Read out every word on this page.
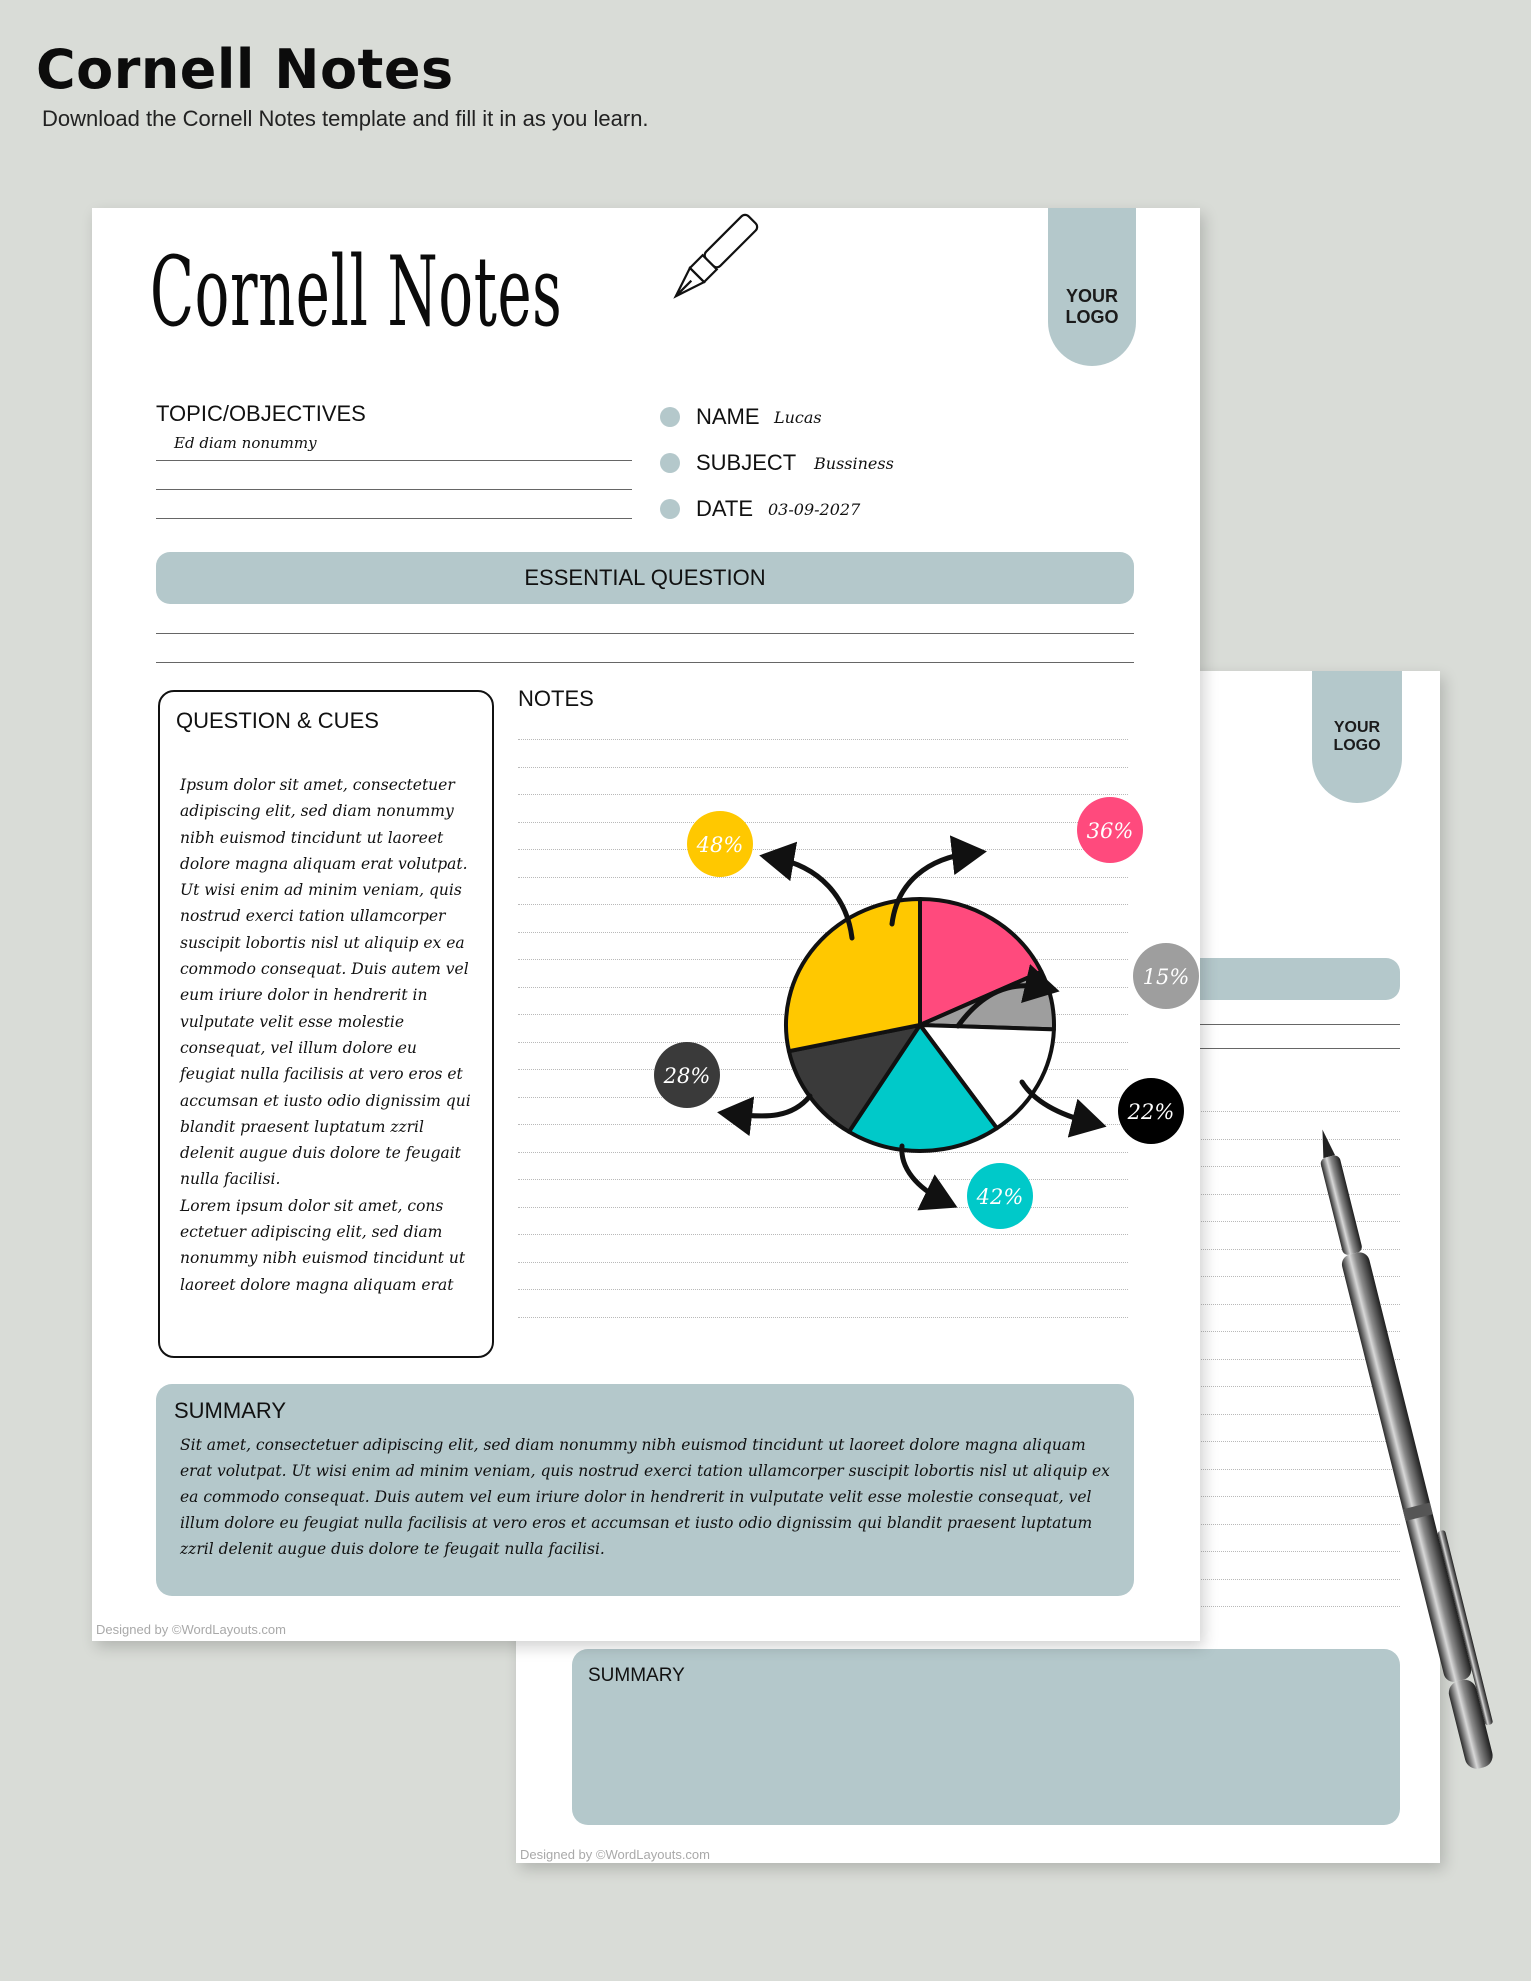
Cornell Notes
Download the Cornell Notes template and fill it in as you learn.
YOUR LOGO
SUMMARY
Designed by ©WordLayouts.com
Cornell Notes	YOUR LOGO
TOPIC/OBJECTIVES
Ed diam nonummy
NAME Lucas
SUBJECT Bussiness
DATE 03-09-2027
ESSENTIAL QUESTION
QUESTION & CUES
Ipsum dolor sit amet, consectetuer adipiscing elit, sed diam nonummy nibh euismod tincidunt ut laoreet dolore magna aliquam erat volutpat. Ut wisi enim ad minim veniam, quis nostrud exerci tation ullamcorper suscipit lobortis nisl ut aliquip ex ea commodo consequat. Duis autem vel eum iriure dolor in hendrerit in vulputate velit esse molestie consequat, vel illum dolore eu feugiat nulla facilisis at vero eros et accumsan et iusto odio dignissim qui blandit praesent luptatum zzril delenit augue duis dolore te feugait nulla facilisi.
Lorem ipsum dolor sit amet, cons ectetuer adipiscing elit, sed diam nonummy nibh euismod tincidunt ut laoreet dolore magna aliquam erat
NOTES
48%
36%
15%
22%
42%
28%
SUMMARY
Sit amet, consectetuer adipiscing elit, sed diam nonummy nibh euismod tincidunt ut laoreet dolore magna aliquam erat volutpat. Ut wisi enim ad minim veniam, quis nostrud exerci tation ullamcorper suscipit lobortis nisl ut aliquip ex ea commodo consequat. Duis autem vel eum iriure dolor in hendrerit in vulputate velit esse molestie consequat, vel illum dolore eu feugiat nulla facilisis at vero eros et accumsan et iusto odio dignissim qui blandit praesent luptatum zzril delenit augue duis dolore te feugait nulla facilisi.
Designed by ©WordLayouts.com
